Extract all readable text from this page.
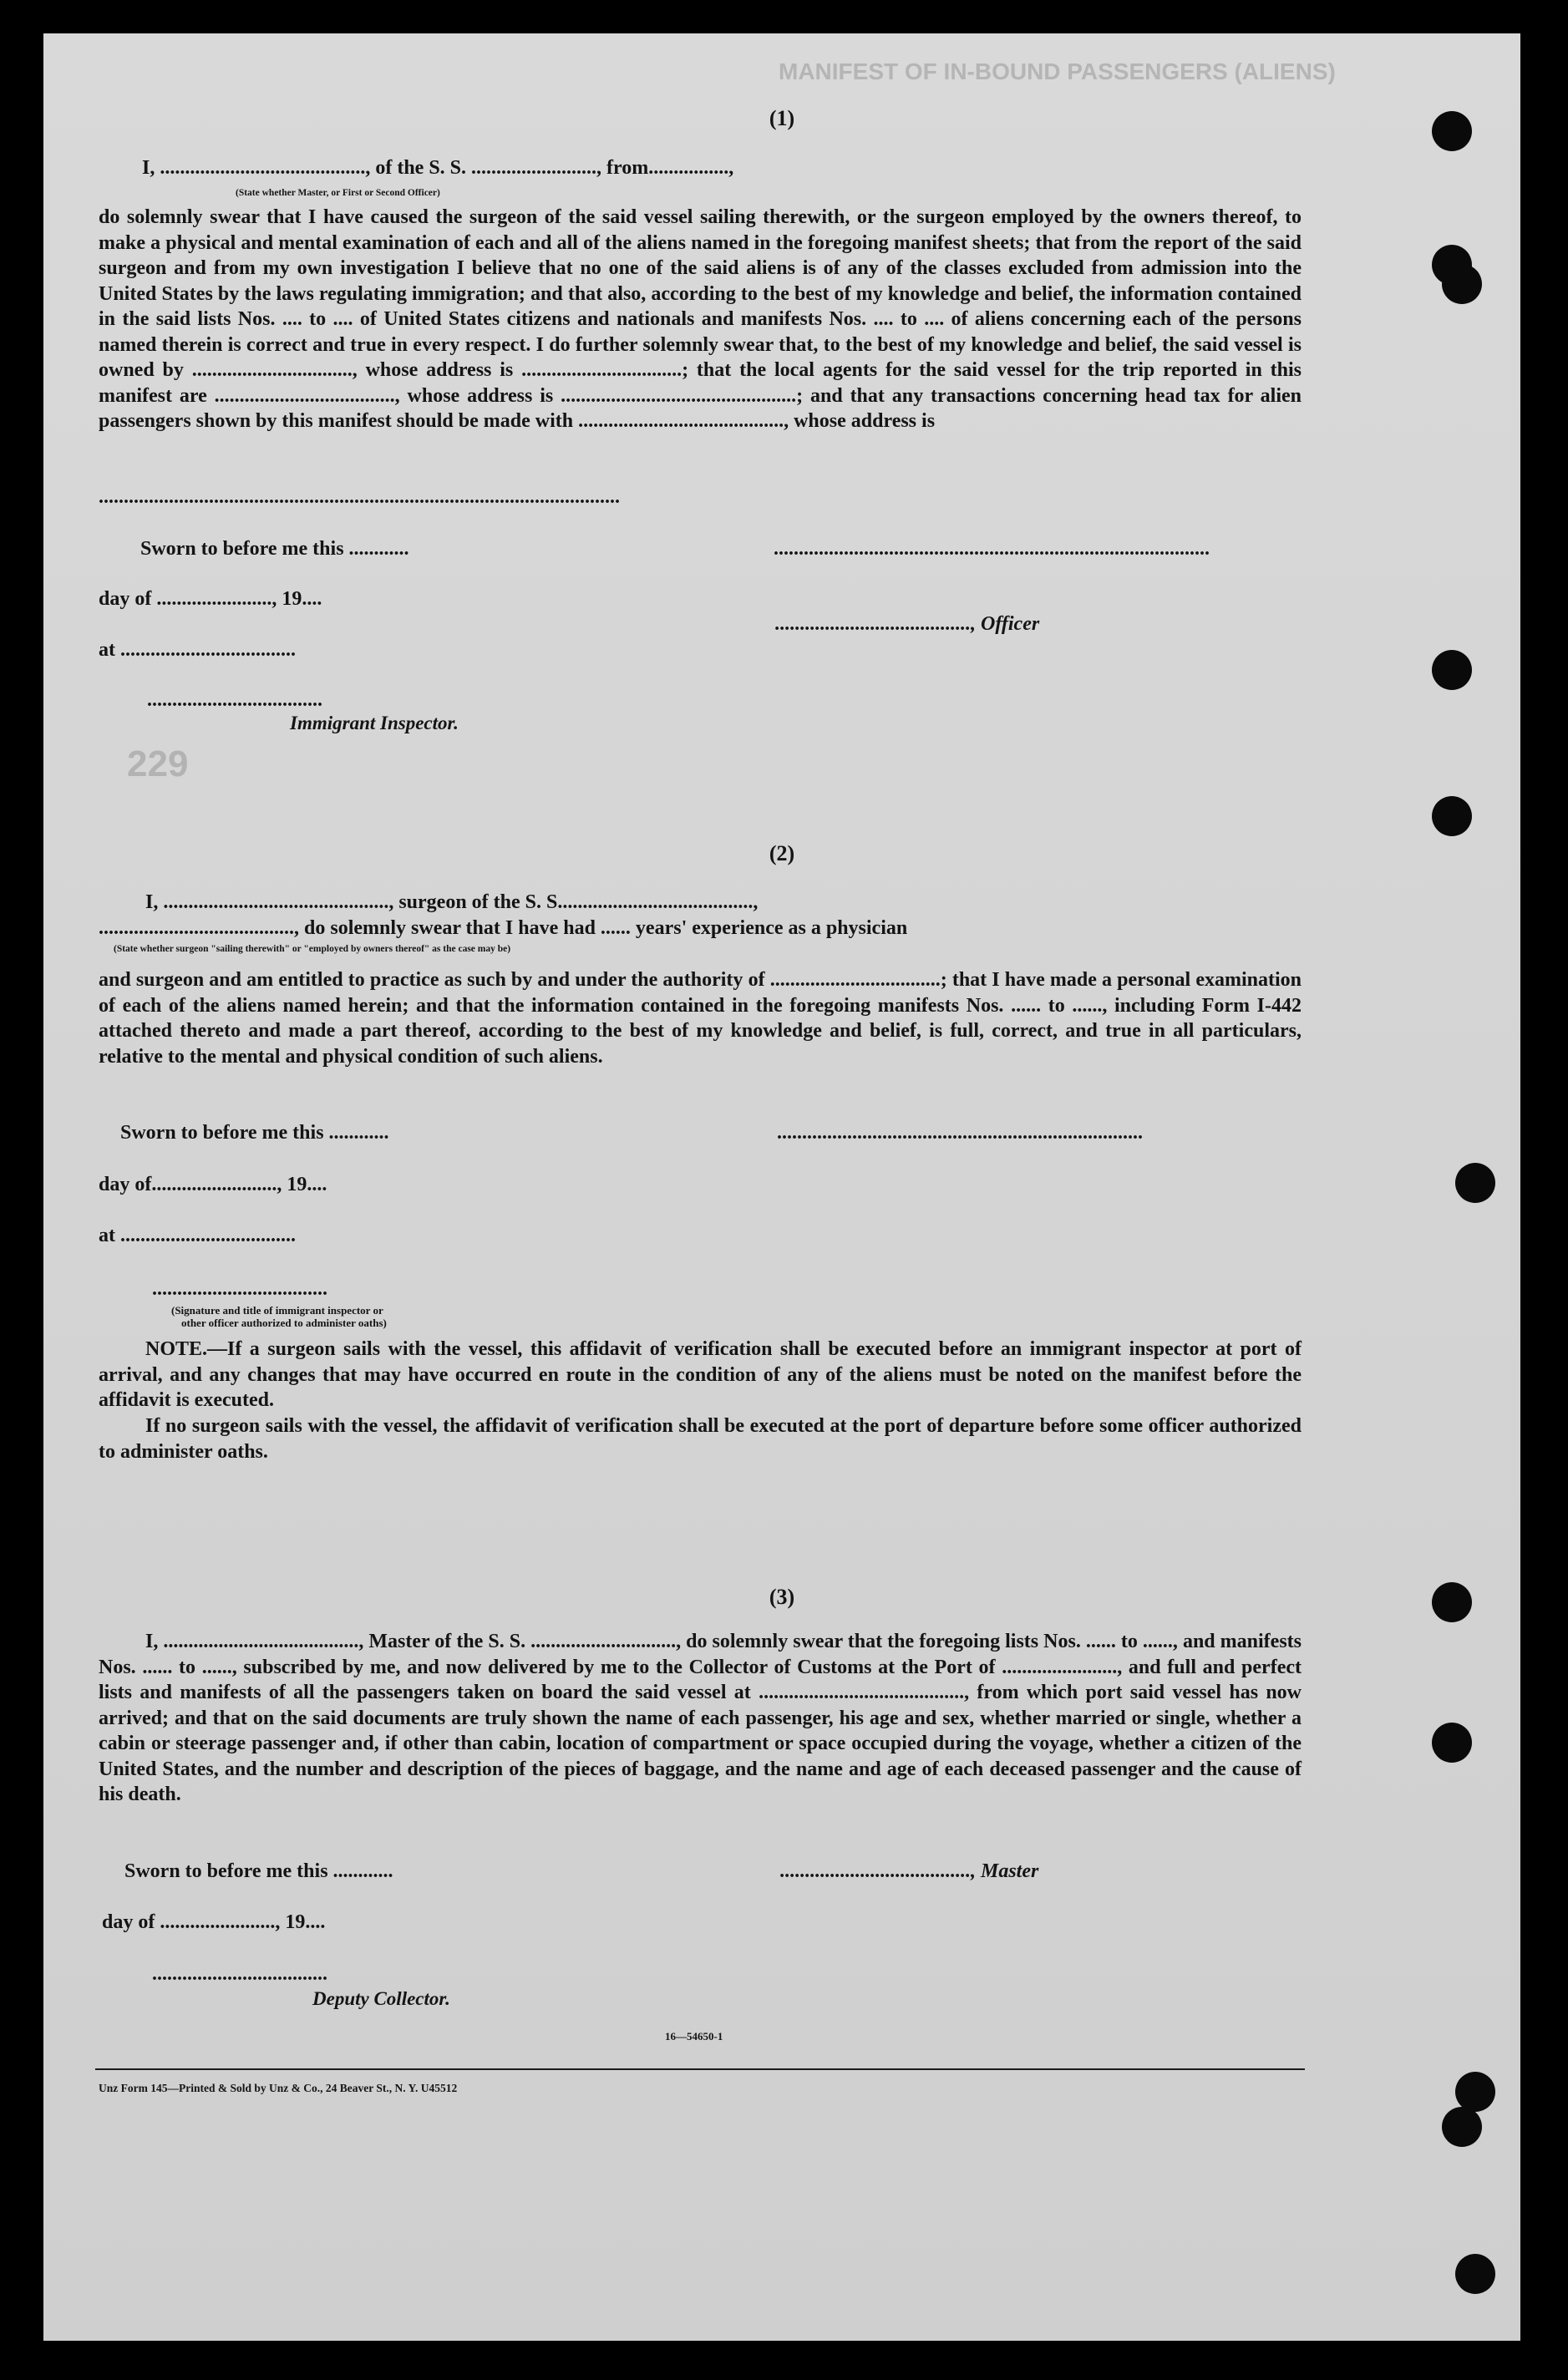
MANIFEST OF IN-BOUND PASSENGERS (ALIENS)
229
(1)
I, ........................................., of the S. S. ........................., from................,
(State whether Master, or First or Second Officer)
do solemnly swear that I have caused the surgeon of the said vessel sailing therewith, or the surgeon employed by the owners thereof, to make a physical and mental examination of each and all of the aliens named in the foregoing manifest sheets; that from the report of the said surgeon and from my own investigation I believe that no one of the said aliens is of any of the classes excluded from admission into the United States by the laws regulating immigration; and that also, according to the best of my knowledge and belief, the information contained in the said lists Nos. .... to .... of United States citizens and nationals and manifests Nos. .... to .... of aliens concerning each of the persons named therein is correct and true in every respect. I do further solemnly swear that, to the best of my knowledge and belief, the said vessel is owned by ................................, whose address is ................................; that the local agents for the said vessel for the trip reported in this manifest are ...................................., whose address is ...............................................; and that any transactions concerning head tax for alien passengers shown by this manifest should be made with ........................................., whose address is
........................................................................................................
Sworn to before me this ............	.......................................................................................
day of ......................., 19....
......................................., Officer
at ...................................
...................................
Immigrant Inspector.
(2)
I, ............................................., surgeon of the S. S.......................................,
......................................., do solemnly swear that I have had ...... years' experience as a physician
(State whether surgeon "sailing therewith" or "employed by owners thereof" as the case may be)
and surgeon and am entitled to practice as such by and under the authority of ..................................; that I have made a personal examination of each of the aliens named herein; and that the information contained in the foregoing manifests Nos. ...... to ......, including Form I-442 attached thereto and made a part thereof, according to the best of my knowledge and belief, is full, correct, and true in all particulars, relative to the mental and physical condition of such aliens.
Sworn to before me this ............	.........................................................................
day of........................., 19....
at ...................................
...................................
(Signature and title of immigrant inspector or
other officer authorized to administer oaths)
NOTE.—If a surgeon sails with the vessel, this affidavit of verification shall be executed before an immigrant inspector at port of arrival, and any changes that may have occurred en route in the condition of any of the aliens must be noted on the manifest before the affidavit is executed.
If no surgeon sails with the vessel, the affidavit of verification shall be executed at the port of departure before some officer authorized to administer oaths.
(3)
I, ......................................., Master of the S. S. ............................., do solemnly swear that the foregoing lists Nos. ...... to ......, and manifests Nos. ...... to ......, subscribed by me, and now delivered by me to the Collector of Customs at the Port of ......................., and full and perfect lists and manifests of all the passengers taken on board the said vessel at ........................................., from which port said vessel has now arrived; and that on the said documents are truly shown the name of each passenger, his age and sex, whether married or single, whether a cabin or steerage passenger and, if other than cabin, location of compartment or space occupied during the voyage, whether a citizen of the United States, and the number and description of the pieces of baggage, and the name and age of each deceased passenger and the cause of his death.
Sworn to before me this ............	......................................, Master
day of ......................., 19....
...................................
Deputy Collector.
16—54650-1
Unz Form 145—Printed & Sold by Unz & Co., 24 Beaver St., N. Y. U45512
